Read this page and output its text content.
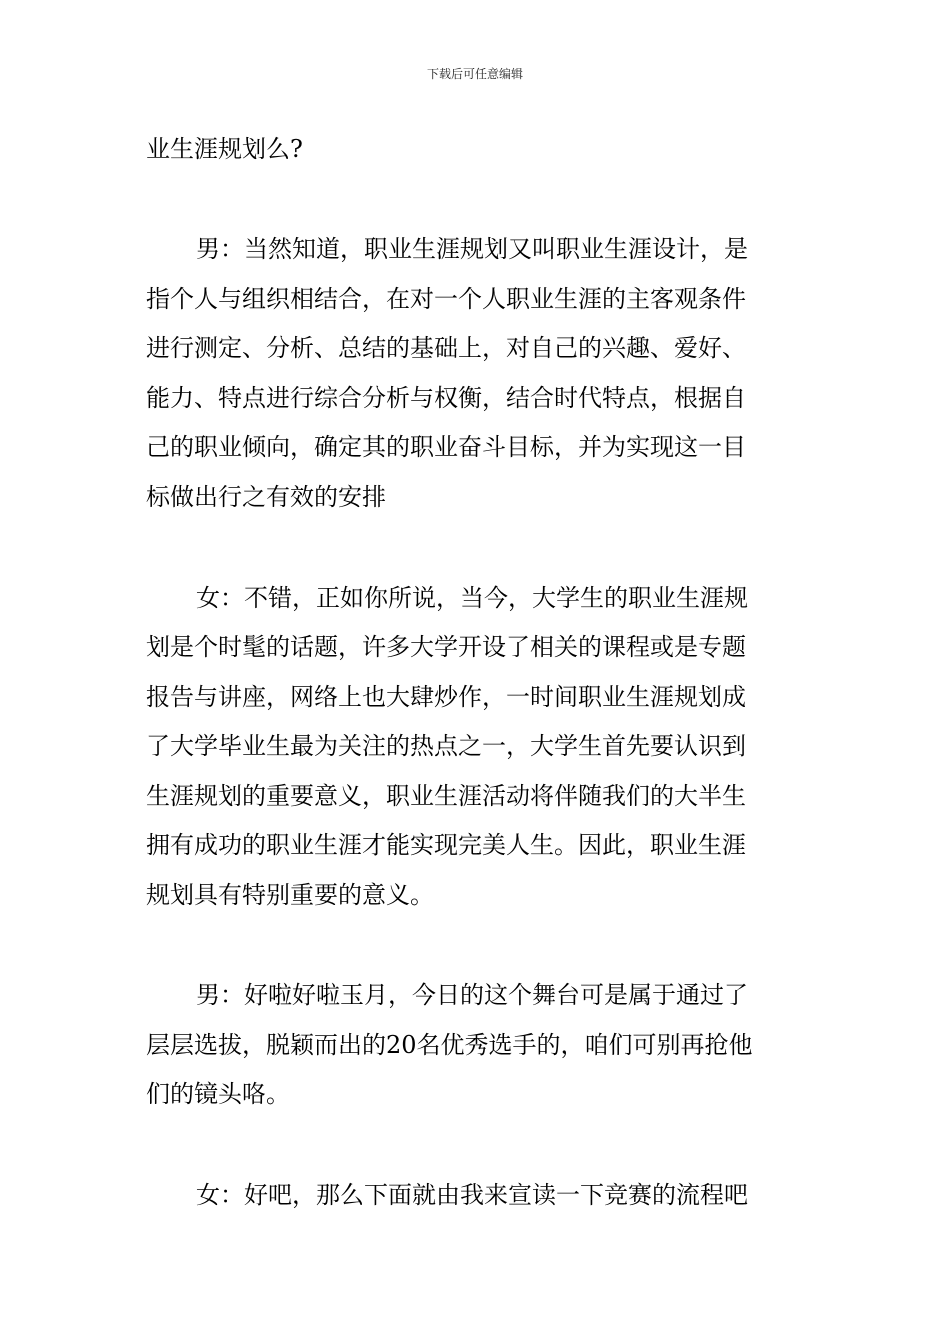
下载后可任意编辑
业生涯规划么?
男：当然知道，职业生涯规划又叫职业生涯设计，是
指个人与组织相结合，在对一个人职业生涯的主客观条件
进行测定、分析、总结的基础上，对自己的兴趣、爱好、
能力、特点进行综合分析与权衡，结合时代特点，根据自
己的职业倾向，确定其的职业奋斗目标，并为实现这一目
标做出行之有效的安排
女：不错，正如你所说，当今，大学生的职业生涯规
划是个时髦的话题，许多大学开设了相关的课程或是专题
报告与讲座，网络上也大肆炒作，一时间职业生涯规划成
了大学毕业生最为关注的热点之一，大学生首先要认识到
生涯规划的重要意义，职业生涯活动将伴随我们的大半生
拥有成功的职业生涯才能实现完美人生。因此，职业生涯
规划具有特别重要的意义。
男：好啦好啦玉月，今日的这个舞台可是属于通过了
层层选拔，脱颖而出的20名优秀选手的，咱们可别再抢他
们的镜头咯。
女：好吧，那么下面就由我来宣读一下竞赛的流程吧
